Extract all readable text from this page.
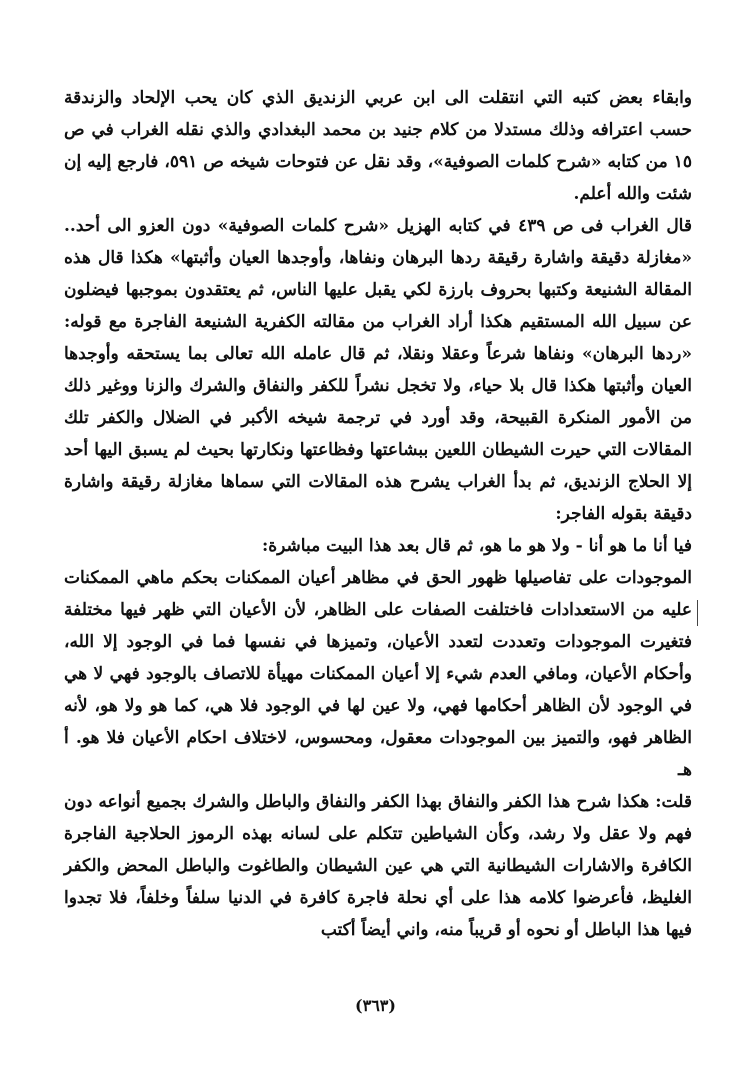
وابقاء بعض كتبه التي انتقلت الى ابن عربي الزنديق الذي كان يحب الإلحاد والزندقة حسب اعترافه وذلك مستدلا من كلام جنيد بن محمد البغدادي والذي نقله الغراب في ص ١٥ من كتابه «شرح كلمات الصوفية»، وقد نقل عن فتوحات شيخه ص ٥٩١، فارجع إليه إن شئت والله أعلم.

قال الغراب فى ص ٤٣٩ في كتابه الهزيل «شرح كلمات الصوفية» دون العزو الى أحد.. «مغازلة دقيقة واشارة رقيقة ردها البرهان ونفاها، وأوجدها العيان وأثبتها» هكذا قال هذه المقالة الشنيعة وكتبها بحروف بارزة لكي يقبل عليها الناس، ثم يعتقدون بموجبها فيضلون عن سبيل الله المستقيم هكذا أراد الغراب من مقالته الكفرية الشنيعة الفاجرة مع قوله: «ردها البرهان» ونفاها شرعاً وعقلا ونقلا، ثم قال عامله الله تعالى بما يستحقه وأوجدها العيان وأثبتها هكذا قال بلا حياء، ولا تخجل نشراً للكفر والنفاق والشرك والزنا ووغير ذلك من الأمور المنكرة القبيحة، وقد أورد في ترجمة شيخه الأكبر في الضلال والكفر تلك المقالات التي حيرت الشيطان اللعين ببشاعتها وفظاعتها ونكارتها بحيث لم يسبق اليها أحد إلا الحلاج الزنديق، ثم بدأ الغراب يشرح هذه المقالات التي سماها مغازلة رقيقة واشارة دقيقة بقوله الفاجر:

فيا أنا ما هو أنا - ولا هو ما هو، ثم قال بعد هذا البيت مباشرة:

الموجودات على تفاصيلها ظهور الحق في مظاهر أعيان الممكنات بحكم ماهي الممكنات عليه من الاستعدادات فاختلفت الصفات على الظاهر، لأن الأعيان التي ظهر فيها مختلفة فتغيرت الموجودات وتعددت لتعدد الأعيان، وتميزها في نفسها فما في الوجود إلا الله، وأحكام الأعيان، ومافي العدم شيء إلا أعيان الممكنات مهيأة للاتصاف بالوجود فهي لا هي في الوجود لأن الظاهر أحكامها فهي، ولا عين لها في الوجود فلا هي، كما هو ولا هو، لأنه الظاهر فهو، والتميز بين الموجودات معقول، ومحسوس، لاختلاف احكام الأعيان فلا هو. أ هـ

قلت: هكذا شرح هذا الكفر والنفاق بهذا الكفر والنفاق والباطل والشرك بجميع أنواعه دون فهم ولا عقل ولا رشد، وكأن الشياطين تتكلم على لسانه بهذه الرموز الحلاجية الفاجرة الكافرة والاشارات الشيطانية التي هي عين الشيطان والطاغوت والباطل المحض والكفر الغليظ، فأعرضوا كلامه هذا على أي نحلة فاجرة كافرة في الدنيا سلفاً وخلفاً، فلا تجدوا فيها هذا الباطل أو نحوه أو قريباً منه، واني أيضاً أكتب

(٣٦٣)
